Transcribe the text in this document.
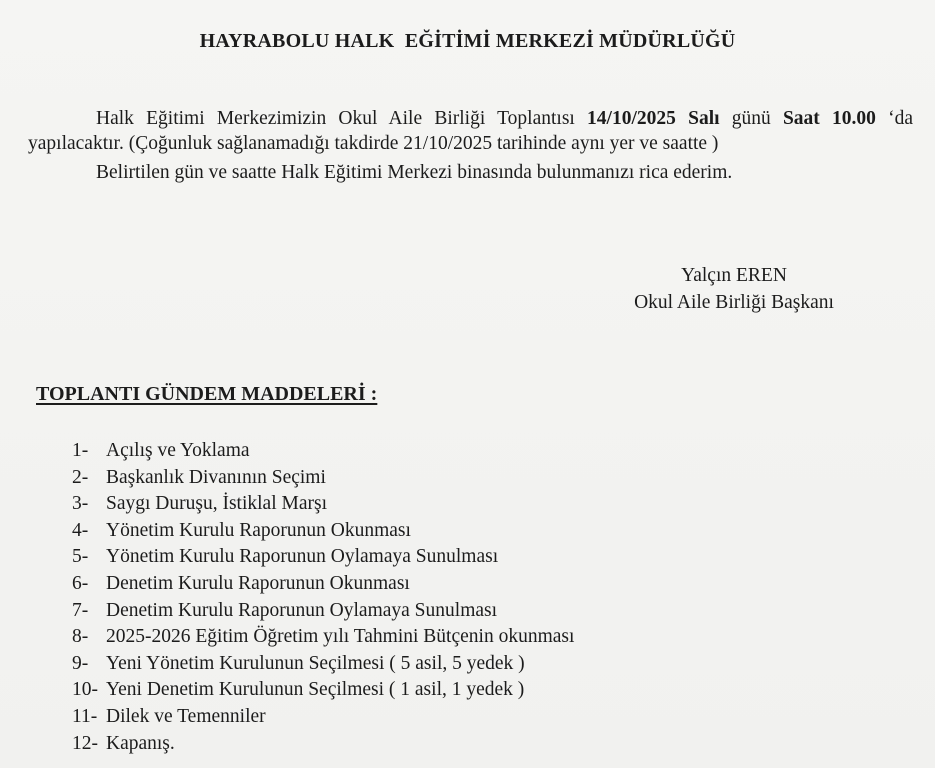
HAYRABOLU HALK  EĞİTİMİ MERKEZİ MÜDÜRLÜĞÜ

Halk Eğitimi Merkezimizin Okul Aile Birliği Toplantısı 14/10/2025 Salı günü Saat 10.00 ‘da yapılacaktır. (Çoğunluk sağlanamadığı takdirde 21/10/2025 tarihinde aynı yer ve saatte )

Belirtilen gün ve saatte Halk Eğitimi Merkezi binasında bulunmanızı rica ederim.

Yalçın EREN
Okul Aile Birliği Başkanı
TOPLANTI GÜNDEM MADDELERİ :
1- Açılış ve Yoklama
2- Başkanlık Divanının Seçimi
3- Saygı Duruşu, İstiklal Marşı
4- Yönetim Kurulu Raporunun Okunması
5- Yönetim Kurulu Raporunun Oylamaya Sunulması
6- Denetim Kurulu Raporunun Okunması
7- Denetim Kurulu Raporunun Oylamaya Sunulması
8- 2025-2026 Eğitim Öğretim yılı Tahmini Bütçenin okunması
9- Yeni Yönetim Kurulunun Seçilmesi ( 5 asil, 5 yedek )
10- Yeni Denetim Kurulunun Seçilmesi ( 1 asil, 1 yedek )
11- Dilek ve Temenniler
12- Kapanış.
